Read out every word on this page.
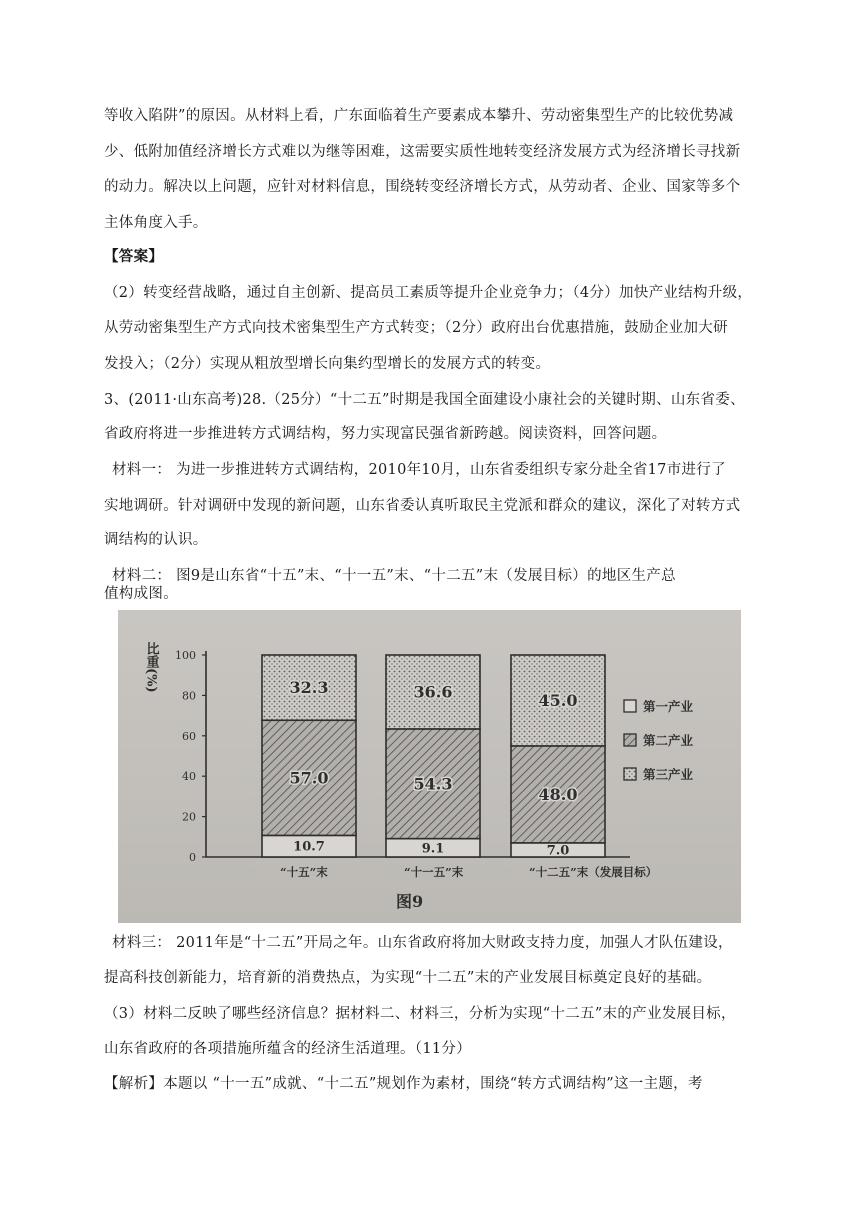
等收入陷阱”的原因。从材料上看，广东面临着生产要素成本攀升、劳动密集型生产的比较优势减
少、低附加值经济增长方式难以为继等困难，这需要实质性地转变经济发展方式为经济增长寻找新
的动力。解决以上问题，应针对材料信息，围绕转变经济增长方式，从劳动者、企业、国家等多个
主体角度入手。
【答案】
（2）转变经营战略，通过自主创新、提高员工素质等提升企业竞争力；（4分）加快产业结构升级，
从劳动密集型生产方式向技术密集型生产方式转变；（2分）政府出台优惠措施，鼓励企业加大研
发投入；（2分）实现从粗放型增长向集约型增长的发展方式的转变。
3、(2011·山东高考)28.（25分）“十二五”时期是我国全面建设小康社会的关键时期、山东省委、
省政府将进一步推进转方式调结构，努力实现富民强省新跨越。阅读资料，回答问题。
材料一： 为进一步推进转方式调结构，2010年10月，山东省委组织专家分赴全省17市进行了
实地调研。针对调研中发现的新问题，山东省委认真听取民主党派和群众的建议，深化了对转方式
调结构的认识。
材料二： 图9是山东省“十五”末、“十一五”末、“十二五”末（发展目标）的地区生产总
值构成图。
0
20
40
60
80
100
比重(%)
10.7
57.0
32.3
“十五”末
9.1
54.3
36.6
“十一五”末
7.0
48.0
45.0
“十二五”末（发展目标）
第一产业
第二产业
第三产业
图9
材料三： 2011年是“十二五”开局之年。山东省政府将加大财政支持力度，加强人才队伍建设，
提高科技创新能力，培育新的消费热点，为实现“十二五”末的产业发展目标奠定良好的基础。
（3）材料二反映了哪些经济信息？据材料二、材料三，分析为实现“十二五”末的产业发展目标，
山东省政府的各项措施所蕴含的经济生活道理。（11分）
【解析】本题以 “十一五”成就、“十二五”规划作为素材，围绕“转方式调结构”这一主题，考
